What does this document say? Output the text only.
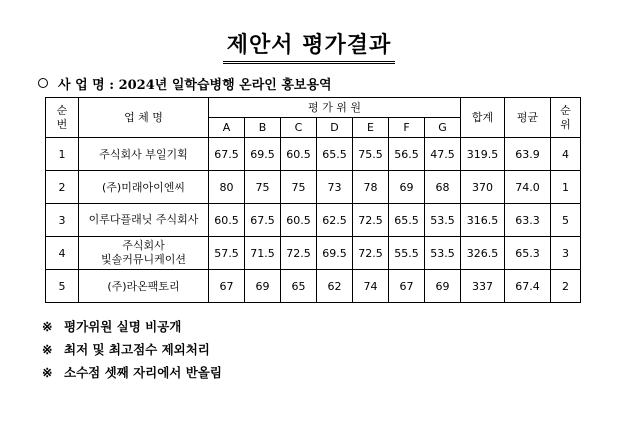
제안서 평가결과
사 업 명 : 2024년 일학습병행 온라인 홍보용역
순번	업 체 명	평 가 위 원							합계	평균	순위
		A	B	C	D	E	F	G			
1	주식회사 부일기획	67.5	69.5	60.5	65.5	75.5	56.5	47.5	319.5	63.9	4
2	(주)미래아이엔씨	80	75	75	73	78	69	68	370	74.0	1
3	이루다플래닛 주식회사	60.5	67.5	60.5	62.5	72.5	65.5	53.5	316.5	63.3	5
4	주식회사 빛솔커뮤니케이션	57.5	71.5	72.5	69.5	72.5	55.5	53.5	326.5	65.3	3
5	(주)라온팩토리	67	69	65	62	74	67	69	337	67.4	2
※ 평가위원 실명 비공개
※ 최저 및 최고점수 제외처리
※ 소수점 셋째 자리에서 반올림
